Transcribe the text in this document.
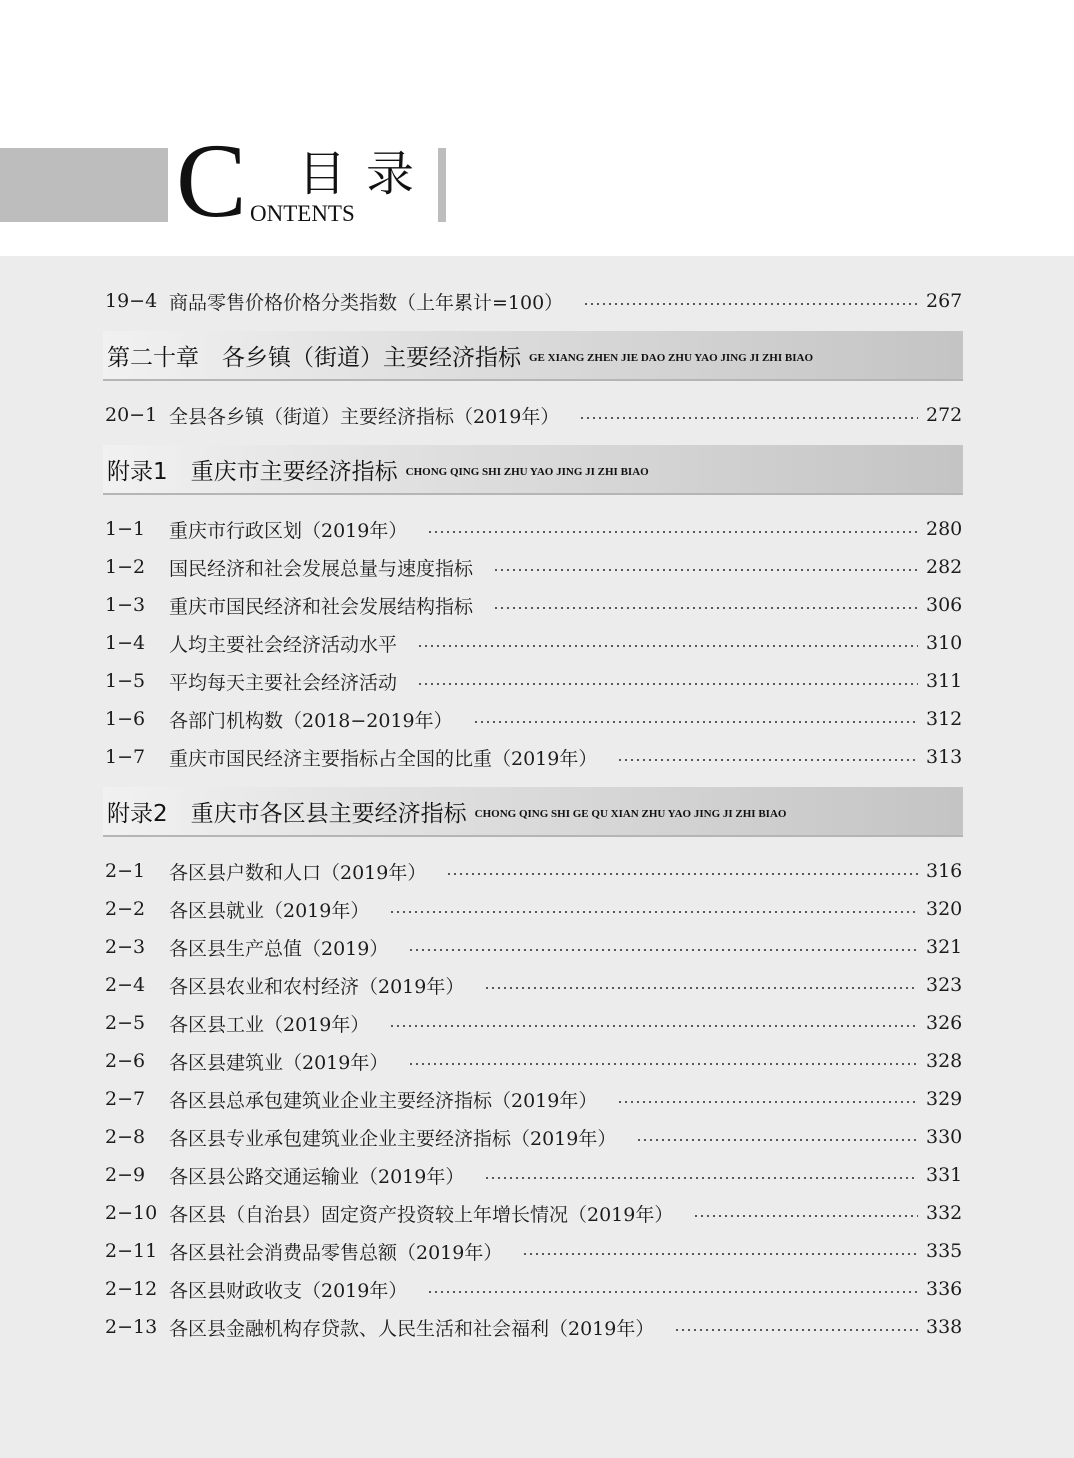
C 目录
ONTENTS
19−4 商品零售价格价格分类指数（上年累计=100）	267
第二十章　各乡镇（街道）主要经济指标 GE XIANG ZHEN JIE DAO ZHU YAO JING JI ZHI BIAO
20−1 全县各乡镇（街道）主要经济指标（2019年）	272
附录1　重庆市主要经济指标 CHONG QING SHI ZHU YAO JING JI ZHI BIAO
1−1	重庆市行政区划（2019年）	280
1−2	国民经济和社会发展总量与速度指标	282
1−3	重庆市国民经济和社会发展结构指标	306
1−4	人均主要社会经济活动水平	310
1−5	平均每天主要社会经济活动	311
1−6	各部门机构数（2018−2019年）	312
1−7	重庆市国民经济主要指标占全国的比重（2019年）	313
附录2　重庆市各区县主要经济指标 CHONG QING SHI GE QU XIAN ZHU YAO JING JI ZHI BIAO
2−1	各区县户数和人口（2019年）	316
2−2	各区县就业（2019年）	320
2−3	各区县生产总值（2019）	321
2−4	各区县农业和农村经济（2019年）	323
2−5	各区县工业（2019年）	326
2−6	各区县建筑业（2019年）	328
2−7	各区县总承包建筑业企业主要经济指标（2019年）	329
2−8	各区县专业承包建筑业企业主要经济指标（2019年）	330
2−9	各区县公路交通运输业（2019年）	331
2−10 各区县（自治县）固定资产投资较上年增长情况（2019年）	332
2−11 各区县社会消费品零售总额（2019年）	335
2−12 各区县财政收支（2019年）	336
2−13 各区县金融机构存贷款、人民生活和社会福利（2019年）	338
